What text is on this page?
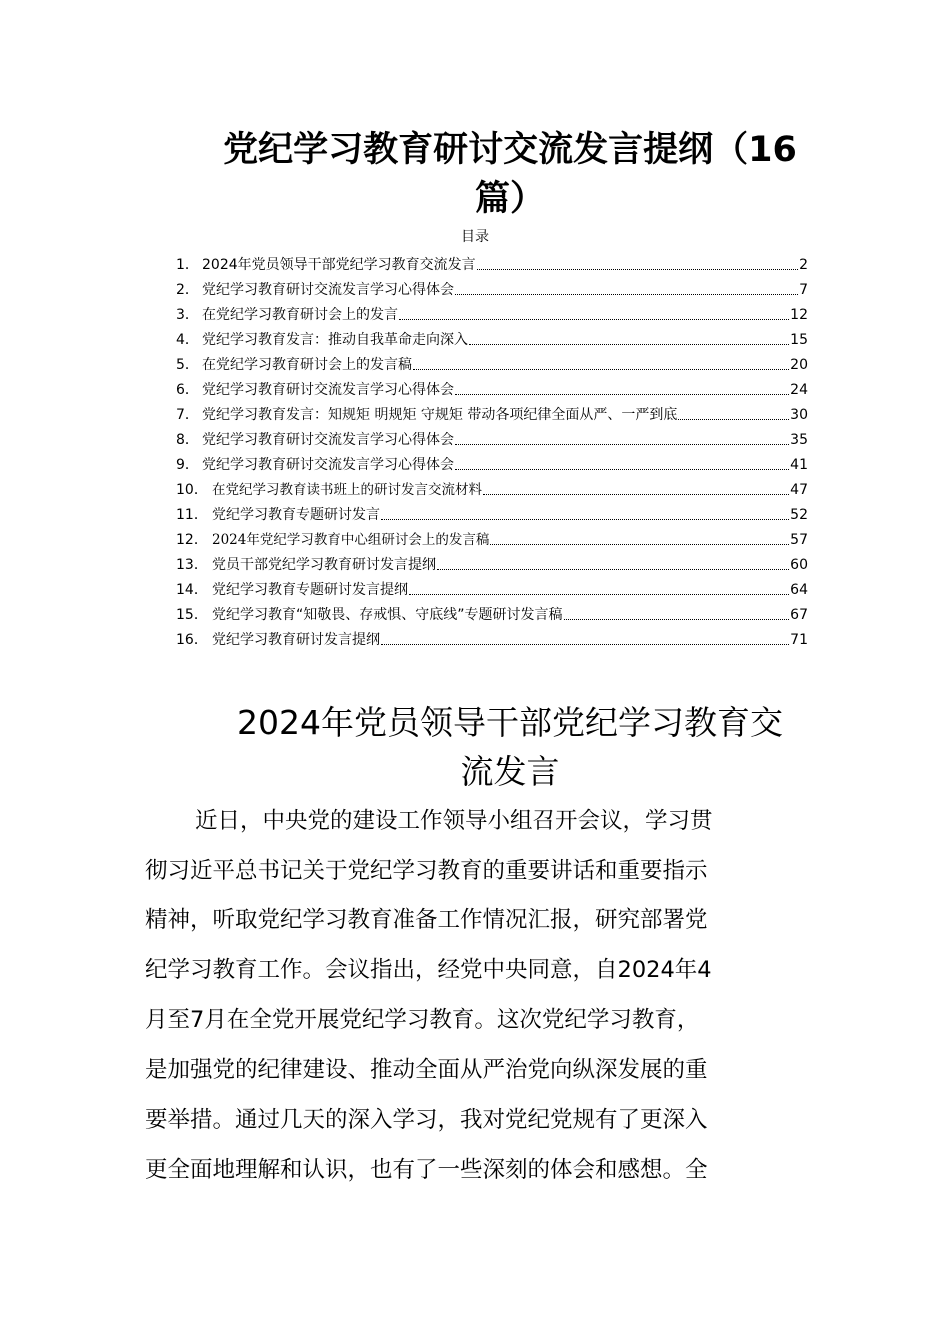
党纪学习教育研讨交流发言提纲（16
篇）
目录
1． 2024年党员领导干部党纪学习教育交流发言	2
2． 党纪学习教育研讨交流发言学习心得体会	7
3． 在党纪学习教育研讨会上的发言	12
4． 党纪学习教育发言：推动自我革命走向深入	15
5． 在党纪学习教育研讨会上的发言稿	20
6． 党纪学习教育研讨交流发言学习心得体会	24
7． 党纪学习教育发言：知规矩 明规矩 守规矩 带动各项纪律全面从严、一严到底	30
8． 党纪学习教育研讨交流发言学习心得体会	35
9． 党纪学习教育研讨交流发言学习心得体会	41
10． 在党纪学习教育读书班上的研讨发言交流材料	47
11． 党纪学习教育专题研讨发言	52
12． 2024年党纪学习教育中心组研讨会上的发言稿	57
13． 党员干部党纪学习教育研讨发言提纲	60
14． 党纪学习教育专题研讨发言提纲	64
15． 党纪学习教育“知敬畏、存戒惧、守底线”专题研讨发言稿	67
16． 党纪学习教育研讨发言提纲	71
2024年党员领导干部党纪学习教育交
流发言
近日，中央党的建设工作领导小组召开会议，学习贯
彻习近平总书记关于党纪学习教育的重要讲话和重要指示
精神，听取党纪学习教育准备工作情况汇报，研究部署党
纪学习教育工作。会议指出，经党中央同意，自2024年4
月至7月在全党开展党纪学习教育。这次党纪学习教育，
是加强党的纪律建设、推动全面从严治党向纵深发展的重
要举措。通过几天的深入学习，我对党纪党规有了更深入
更全面地理解和认识，也有了一些深刻的体会和感想。全
